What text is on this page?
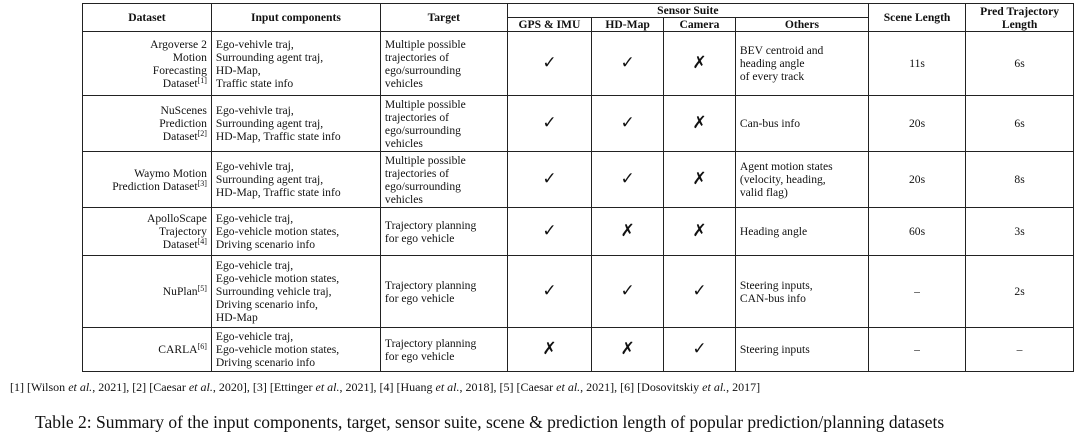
Dataset	Input components	Target	Sensor Suite				Scene Length	Pred Trajectory
Length
			GPS & IMU	HD-Map	Camera	Others		
Argoverse 2
Motion
Forecasting
Dataset[1]	Ego-vehivle traj,
Surrounding agent traj,
HD-Map,
Traffic state info	Multiple possible
trajectories of
ego/surrounding
vehicles	✓	✓	✗	BEV centroid and
heading angle
of every track	11s	6s
NuScenes
Prediction
Dataset[2]	Ego-vehivle traj,
Surrounding agent traj,
HD-Map, Traffic state info	Multiple possible
trajectories of
ego/surrounding
vehicles	✓	✓	✗	Can-bus info	20s	6s
Waymo Motion
Prediction Dataset[3]	Ego-vehivle traj,
Surrounding agent traj,
HD-Map, Traffic state info	Multiple possible
trajectories of
ego/surrounding
vehicles	✓	✓	✗	Agent motion states
(velocity, heading,
valid flag)	20s	8s
ApolloScape
Trajectory
Dataset[4]	Ego-vehicle traj,
Ego-vehicle motion states,
Driving scenario info	Trajectory planning
for ego vehicle	✓	✗	✗	Heading angle	60s	3s
NuPlan[5]	Ego-vehicle traj,
Ego-vehicle motion states,
Surrounding vehicle traj,
Driving scenario info,
HD-Map	Trajectory planning
for ego vehicle	✓	✓	✓	Steering inputs,
CAN-bus info	–	2s
CARLA[6]	Ego-vehicle traj,
Ego-vehicle motion states,
Driving scenario info	Trajectory planning
for ego vehicle	✗	✗	✓	Steering inputs	–	–
[1] [Wilson et al., 2021], [2] [Caesar et al., 2020], [3] [Ettinger et al., 2021], [4] [Huang et al., 2018], [5] [Caesar et al., 2021], [6] [Dosovitskiy et al., 2017]
Table 2: Summary of the input components, target, sensor suite, scene & prediction length of popular prediction/planning datasets
